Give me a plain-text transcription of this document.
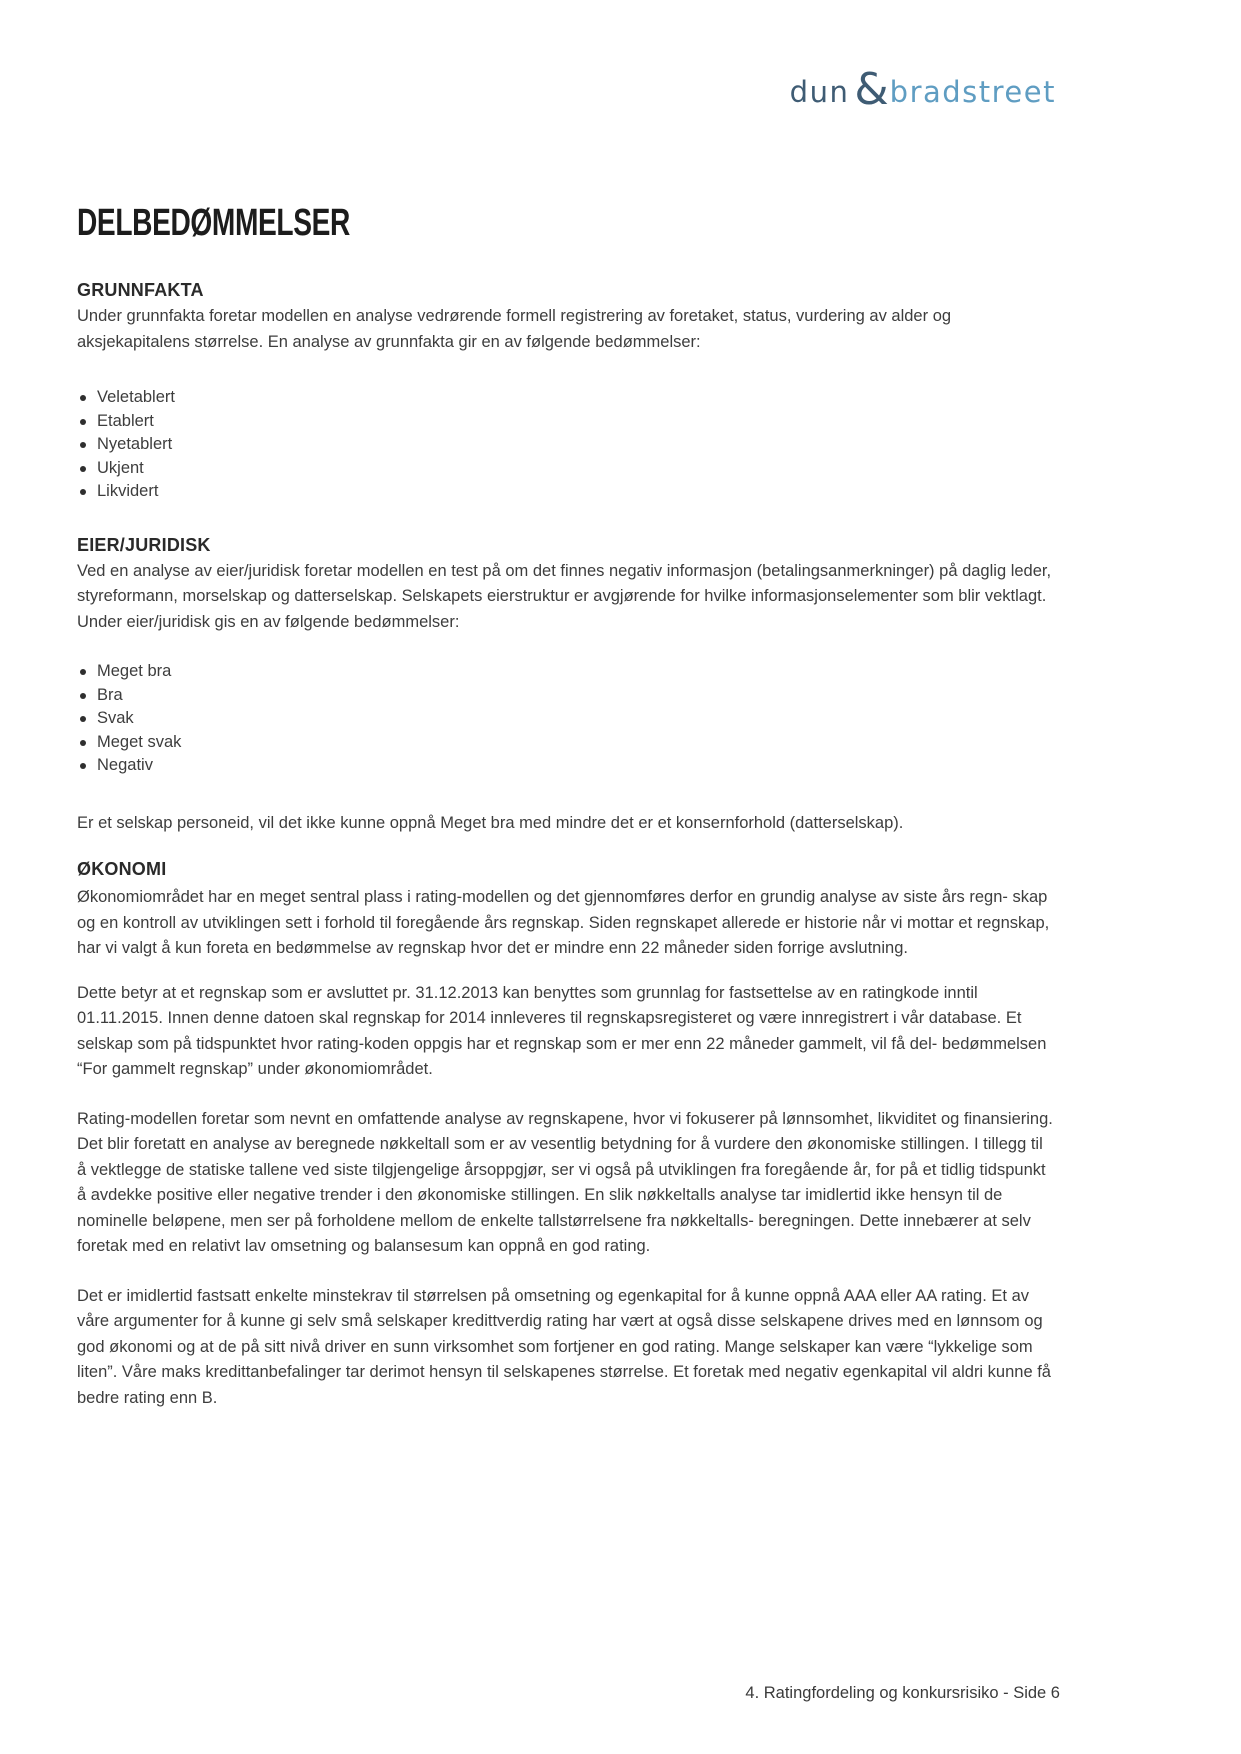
dun & bradstreet
DELBEDØMMELSER
GRUNNFAKTA

Under grunnfakta foretar modellen en analyse vedrørende formell registrering av foretaket, status, vurdering av alder og aksjekapitalens størrelse. En analyse av grunnfakta gir en av følgende bedømmelser:

Veletablert
Etablert
Nyetablert
Ukjent
Likvidert
EIER/JURIDISK

Ved en analyse av eier/juridisk foretar modellen en test på om det finnes negativ informasjon (betalingsanmerkninger) på daglig leder, styreformann, morselskap og datterselskap. Selskapets eierstruktur er avgjørende for hvilke informasjonselementer som blir vektlagt. Under eier/juridisk gis en av følgende bedømmelser:

Meget bra
Bra
Svak
Meget svak
Negativ

Er et selskap personeid, vil det ikke kunne oppnå Meget bra med mindre det er et konsernforhold (datterselskap).

ØKONOMI

Økonomiområdet har en meget sentral plass i rating-modellen og det gjennomføres derfor en grundig analyse av siste års regn- skap og en kontroll av utviklingen sett i forhold til foregående års regnskap. Siden regnskapet allerede er historie når vi mottar et regnskap, har vi valgt å kun foreta en bedømmelse av regnskap hvor det er mindre enn 22 måneder siden forrige avslutning.

Dette betyr at et regnskap som er avsluttet pr. 31.12.2013 kan benyttes som grunnlag for fastsettelse av en ratingkode inntil 01.11.2015. Innen denne datoen skal regnskap for 2014 innleveres til regnskapsregisteret og være innregistrert i vår database. Et selskap som på tidspunktet hvor rating-koden oppgis har et regnskap som er mer enn 22 måneder gammelt, vil få del- bedømmelsen “For gammelt regnskap” under økonomiområdet.

Rating-modellen foretar som nevnt en omfattende analyse av regnskapene, hvor vi fokuserer på lønnsomhet, likviditet og finansiering. Det blir foretatt en analyse av beregnede nøkkeltall som er av vesentlig betydning for å vurdere den økonomiske stillingen. I tillegg til å vektlegge de statiske tallene ved siste tilgjengelige årsoppgjør, ser vi også på utviklingen fra foregående år, for på et tidlig tidspunkt å avdekke positive eller negative trender i den økonomiske stillingen. En slik nøkkeltalls analyse tar imidlertid ikke hensyn til de nominelle beløpene, men ser på forholdene mellom de enkelte tallstørrelsene fra nøkkeltalls- beregningen. Dette innebærer at selv foretak med en relativt lav omsetning og balansesum kan oppnå en god rating.

Det er imidlertid fastsatt enkelte minstekrav til størrelsen på omsetning og egenkapital for å kunne oppnå AAA eller AA rating. Et av våre argumenter for å kunne gi selv små selskaper kredittverdig rating har vært at også disse selskapene drives med en lønnsom og god økonomi og at de på sitt nivå driver en sunn virksomhet som fortjener en god rating. Mange selskaper kan være “lykkelige som liten”. Våre maks kredittanbefalinger tar derimot hensyn til selskapenes størrelse. Et foretak med negativ egenkapital vil aldri kunne få bedre rating enn B.

4. Ratingfordeling og konkursrisiko - Side 6
